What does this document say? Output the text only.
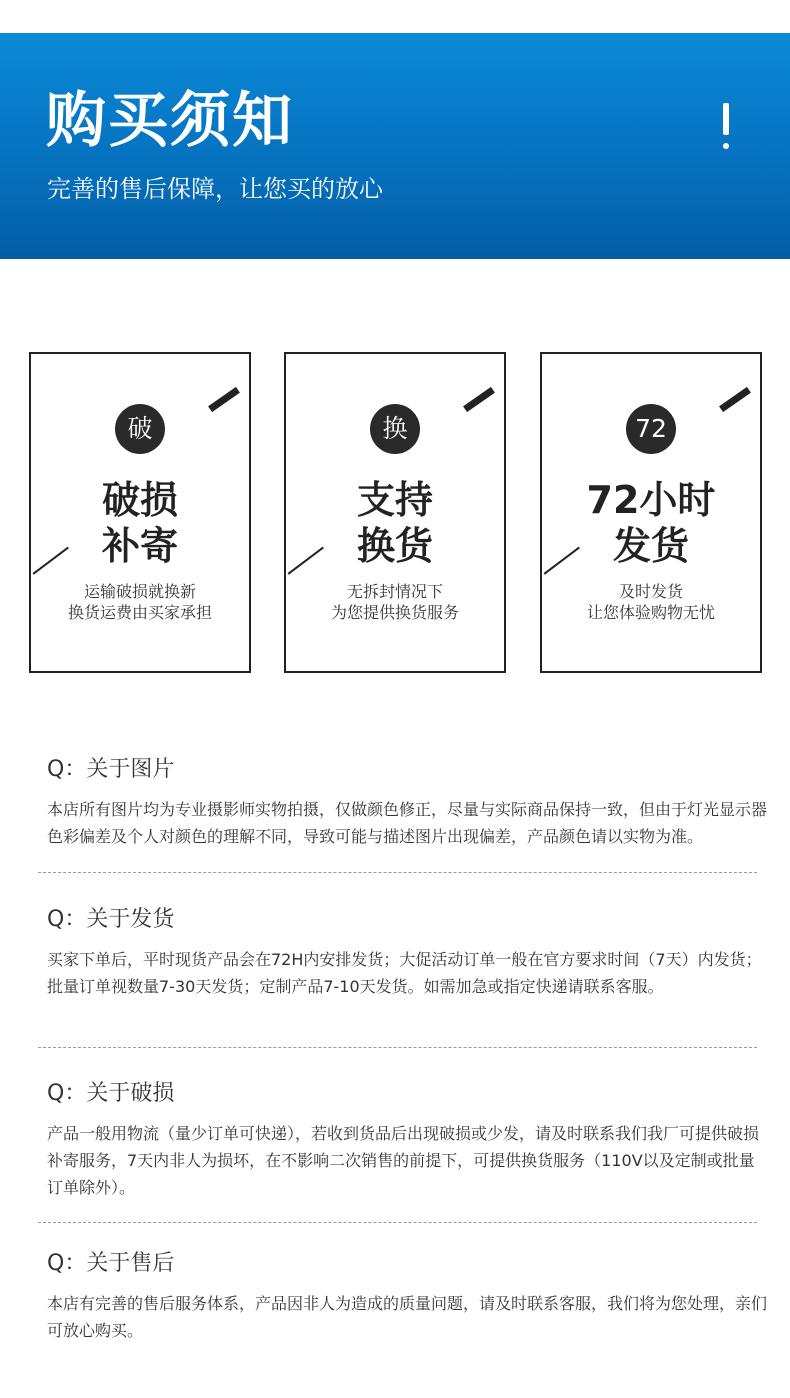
购买须知
完善的售后保障，让您买的放心
破
破损
补寄
运输破损就换新
换货运费由买家承担
换
支持
换货
无拆封情况下
为您提供换货服务
72
72小时
发货
及时发货
让您体验购物无忧
Q：关于图片
本店所有图片均为专业摄影师实物拍摄，仅做颜色修正，尽量与实际商品保持一致，但由于灯光显示器色彩偏差及个人对颜色的理解不同，导致可能与描述图片出现偏差，产品颜色请以实物为准。
Q：关于发货
买家下单后，平时现货产品会在72H内安排发货；大促活动订单一般在官方要求时间（7天）内发货；批量订单视数量7-30天发货；定制产品7-10天发货。如需加急或指定快递请联系客服。
Q：关于破损
产品一般用物流（量少订单可快递），若收到货品后出现破损或少发，请及时联系我们我厂可提供破损补寄服务，7天内非人为损坏，在不影响二次销售的前提下，可提供换货服务（110V以及定制或批量订单除外）。
Q：关于售后
本店有完善的售后服务体系，产品因非人为造成的质量问题，请及时联系客服，我们将为您处理，亲们可放心购买。
